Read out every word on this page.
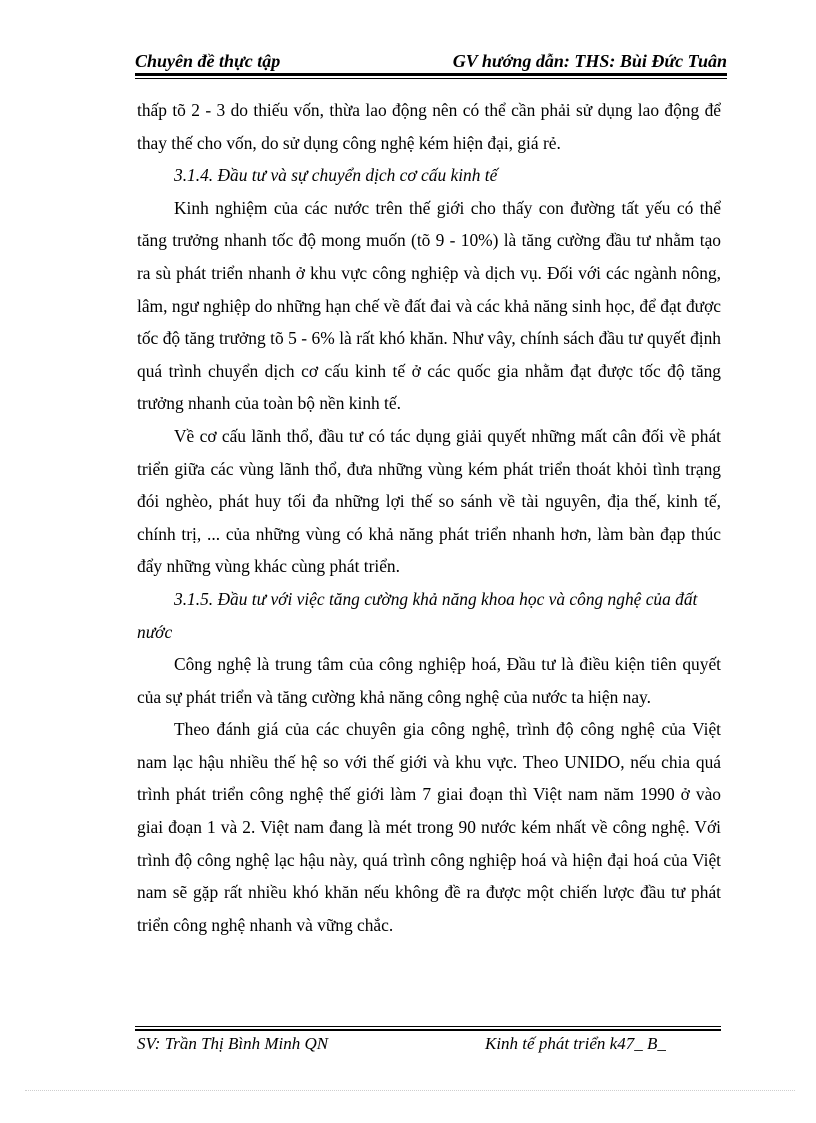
Chuyên đề thực tập	GV hướng dẫn: THS: Bùi Đức Tuân

thấp tõ 2 - 3 do thiếu vốn, thừa lao động nên có thể cần phải sử dụng lao động để thay thế cho vốn, do sử dụng công nghệ kém hiện đại, giá rẻ.

3.1.4. Đầu tư và sự chuyển dịch cơ cấu kinh tế

Kinh nghiệm của các nước trên thế giới cho thấy con đường tất yếu có thể tăng trưởng nhanh tốc độ mong muốn (tõ 9 - 10%) là tăng cường đầu tư nhằm tạo ra sù phát triển nhanh ở khu vực công nghiệp và dịch vụ. Đối với các ngành nông, lâm, ngư nghiệp do những hạn chế về đất đai và các khả năng sinh học, để đạt được tốc độ tăng trưởng tõ 5 - 6% là rất khó khăn. Như vây, chính sách đầu tư quyết định quá trình chuyển dịch cơ cấu kinh tế ở các quốc gia nhằm đạt được tốc độ tăng trưởng nhanh của toàn bộ nền kinh tế.

Về cơ cấu lãnh thổ, đầu tư có tác dụng giải quyết những mất cân đối về phát triển giữa các vùng lãnh thổ, đưa những vùng kém phát triển thoát khỏi tình trạng đói nghèo, phát huy tối đa những lợi thế so sánh về tài nguyên, địa thế, kinh tế, chính trị, ... của những vùng có khả năng phát triển nhanh hơn, làm bàn đạp thúc đẩy những vùng khác cùng phát triển.

3.1.5. Đầu tư với việc tăng cường khả năng khoa học và công nghệ của đất nước

Công nghệ là trung tâm của công nghiệp hoá, Đầu tư là điều kiện tiên quyết của sự phát triển và tăng cường khả năng công nghệ của nước ta hiện nay.

Theo đánh giá của các chuyên gia công nghệ, trình độ công nghệ của Việt nam lạc hậu nhiều thế hệ so với thế giới và khu vực. Theo UNIDO, nếu chia quá trình phát triển công nghệ thế giới làm 7 giai đoạn thì Việt nam năm 1990 ở vào giai đoạn 1 và 2. Việt nam đang là mét trong 90 nước kém nhất về công nghệ. Với trình độ công nghệ lạc hậu này, quá trình công nghiệp hoá và hiện đại hoá của Việt nam sẽ gặp rất nhiều khó khăn nếu không đề ra được một chiến lược đầu tư phát triển công nghệ nhanh và vững chắc.

SV: Trần Thị Bình Minh QN	Kinh tế phát triển k47_ B_
